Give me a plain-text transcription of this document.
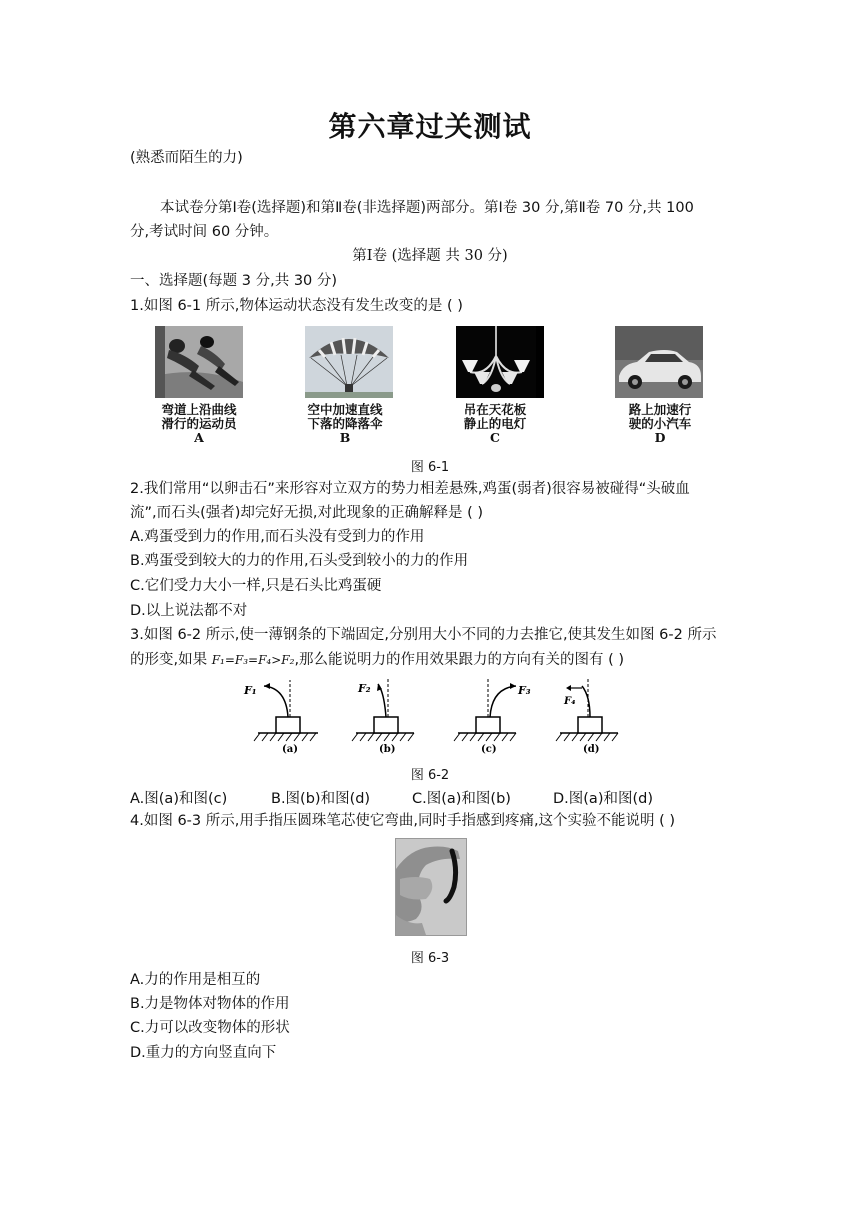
第六章过关测试
(熟悉而陌生的力)
本试卷分第Ⅰ卷(选择题)和第Ⅱ卷(非选择题)两部分。第Ⅰ卷 30 分,第Ⅱ卷 70 分,共 100
分,考试时间 60 分钟。
第Ⅰ卷 (选择题 共 30 分)
一、选择题(每题 3 分,共 30 分)
1.如图 6-1 所示,物体运动状态没有发生改变的是 ( )
弯道上沿曲线
滑行的运动员
A
空中加速直线
下落的降落伞
B
吊在天花板
静止的电灯
C
路上加速行
驶的小汽车
D
图 6-1
2.我们常用“以卵击石”来形容对立双方的势力相差悬殊,鸡蛋(弱者)很容易被碰得“头破血
流”,而石头(强者)却完好无损,对此现象的正确解释是 ( )
A.鸡蛋受到力的作用,而石头没有受到力的作用
B.鸡蛋受到较大的力的作用,石头受到较小的力的作用
C.它们受力大小一样,只是石头比鸡蛋硬
D.以上说法都不对
3.如图 6-2 所示,使一薄钢条的下端固定,分别用大小不同的力去推它,使其发生如图 6-2 所示
的形变,如果 F₁=F₃=F₄>F₂,那么能说明力的作用效果跟力的方向有关的图有 ( )
F₁	F₂	F₃
F₄
(a)	(b)	(c)	(d)
图 6-2
A.图(a)和图(c)	B.图(b)和图(d)	C.图(a)和图(b)	D.图(a)和图(d)
4.如图 6-3 所示,用手指压圆珠笔芯使它弯曲,同时手指感到疼痛,这个实验不能说明 ( )
图 6-3
A.力的作用是相互的
B.力是物体对物体的作用
C.力可以改变物体的形状
D.重力的方向竖直向下
